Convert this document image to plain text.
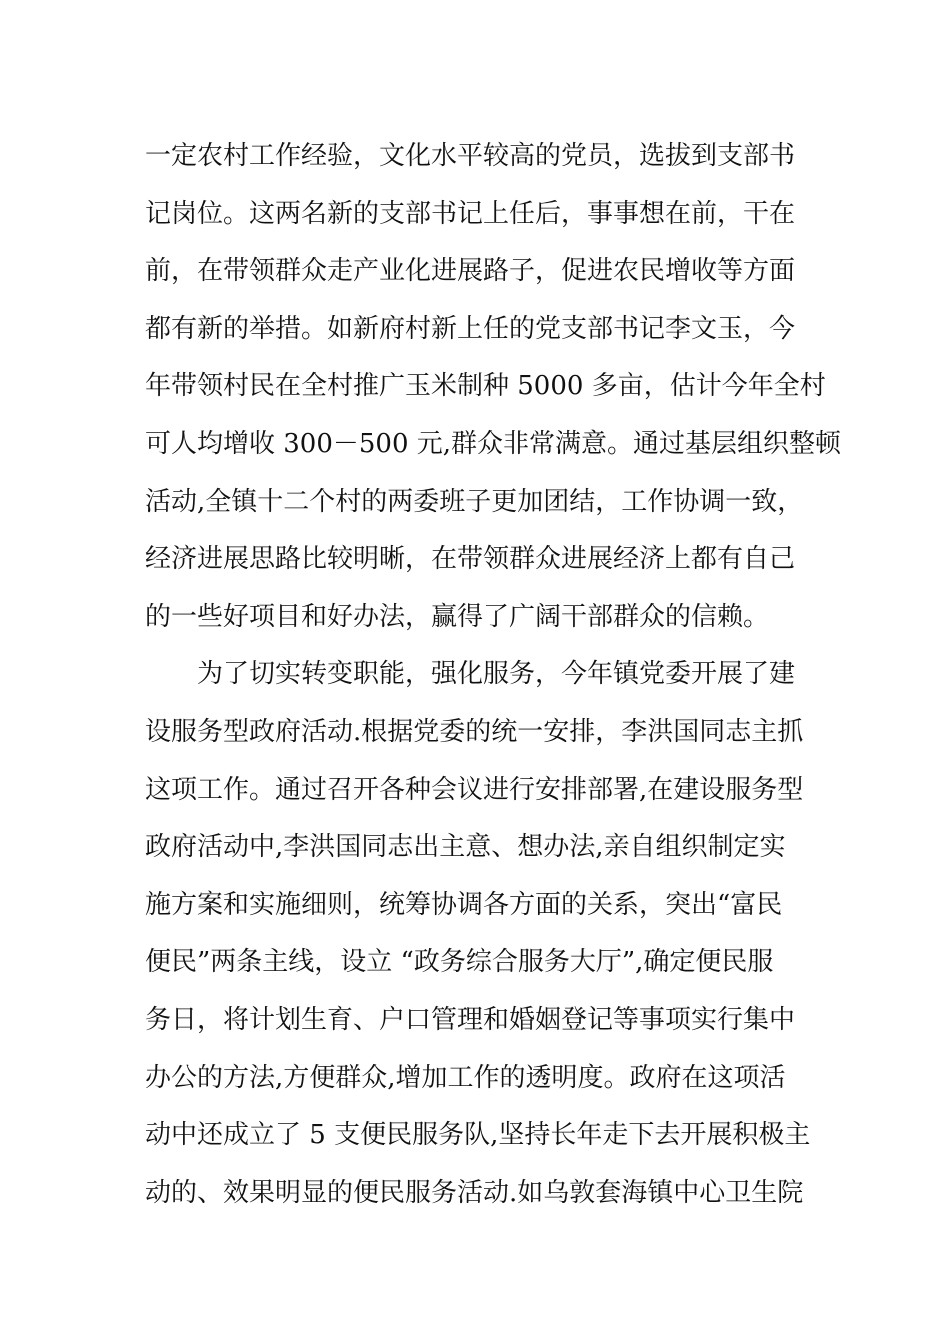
一定农村工作经验，文化水平较高的党员，选拔到支部书
记岗位。这两名新的支部书记上任后，事事想在前，干在
前，在带领群众走产业化进展路子，促进农民增收等方面
都有新的举措。如新府村新上任的党支部书记李文玉，今
年带领村民在全村推广玉米制种 5000 多亩，估计今年全村
可人均增收 300－500 元,群众非常满意。通过基层组织整顿
活动,全镇十二个村的两委班子更加团结，工作协调一致，
经济进展思路比较明晰，在带领群众进展经济上都有自己
的一些好项目和好办法，赢得了广阔干部群众的信赖。
为了切实转变职能，强化服务，今年镇党委开展了建
设服务型政府活动.根据党委的统一安排，李洪国同志主抓
这项工作。通过召开各种会议进行安排部署,在建设服务型
政府活动中,李洪国同志出主意、想办法,亲自组织制定实
施方案和实施细则，统筹协调各方面的关系，突出“富民
便民”两条主线，设立 “政务综合服务大厅”,确定便民服
务日，将计划生育、户口管理和婚姻登记等事项实行集中
办公的方法,方便群众,增加工作的透明度。政府在这项活
动中还成立了 5 支便民服务队,坚持长年走下去开展积极主
动的、效果明显的便民服务活动.如乌敦套海镇中心卫生院
